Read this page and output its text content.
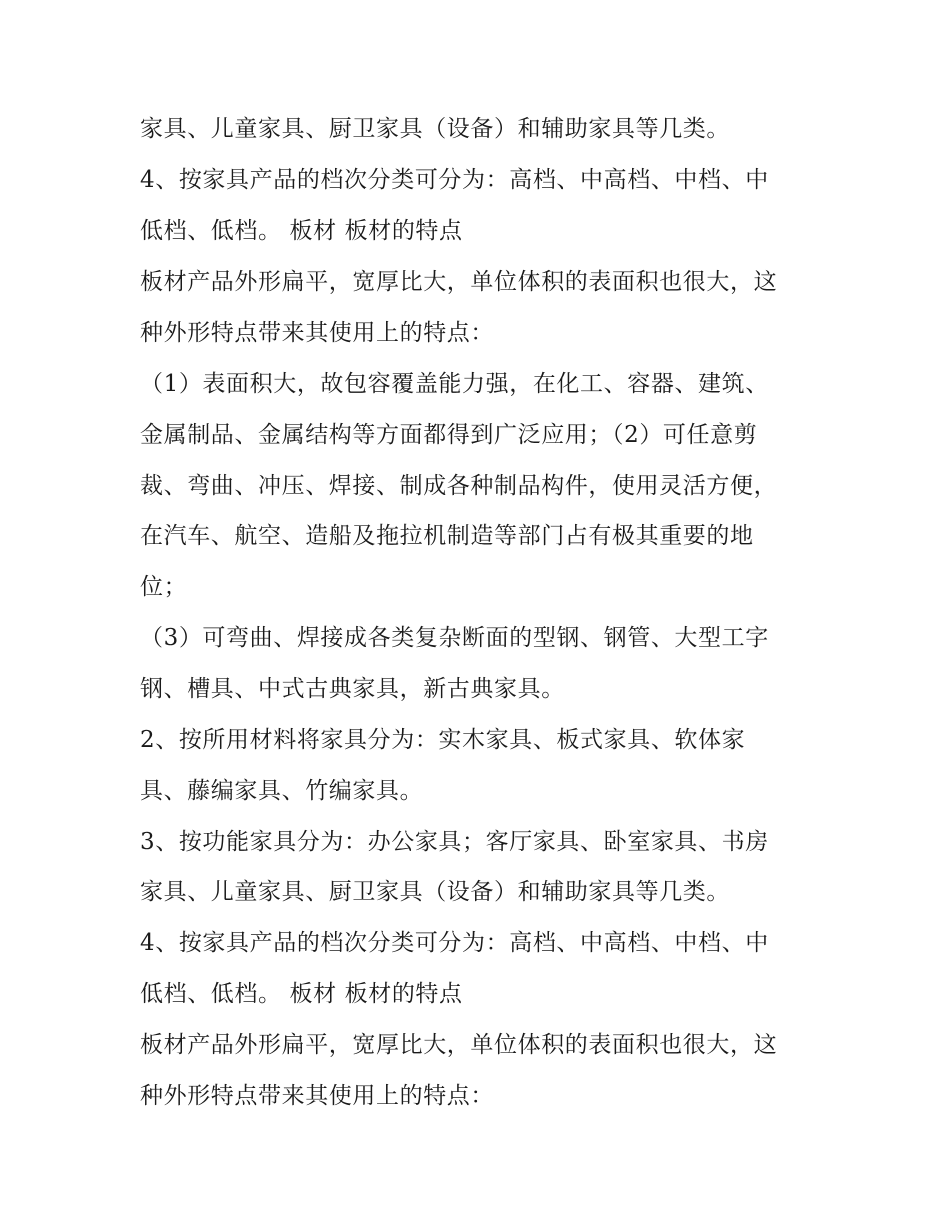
家具、儿童家具、厨卫家具（设备）和辅助家具等几类。
4、按家具产品的档次分类可分为：高档、中高档、中档、中
低档、低档。 板材 板材的特点
板材产品外形扁平，宽厚比大，单位体积的表面积也很大，这
种外形特点带来其使用上的特点：
（1）表面积大，故包容覆盖能力强，在化工、容器、建筑、
金属制品、金属结构等方面都得到广泛应用；（2）可任意剪
裁、弯曲、冲压、焊接、制成各种制品构件，使用灵活方便，
在汽车、航空、造船及拖拉机制造等部门占有极其重要的地
位；
（3）可弯曲、焊接成各类复杂断面的型钢、钢管、大型工字
钢、槽具、中式古典家具，新古典家具。
2、按所用材料将家具分为：实木家具、板式家具、软体家
具、藤编家具、竹编家具。
3、按功能家具分为：办公家具；客厅家具、卧室家具、书房
家具、儿童家具、厨卫家具（设备）和辅助家具等几类。
4、按家具产品的档次分类可分为：高档、中高档、中档、中
低档、低档。 板材 板材的特点
板材产品外形扁平，宽厚比大，单位体积的表面积也很大，这
种外形特点带来其使用上的特点：
